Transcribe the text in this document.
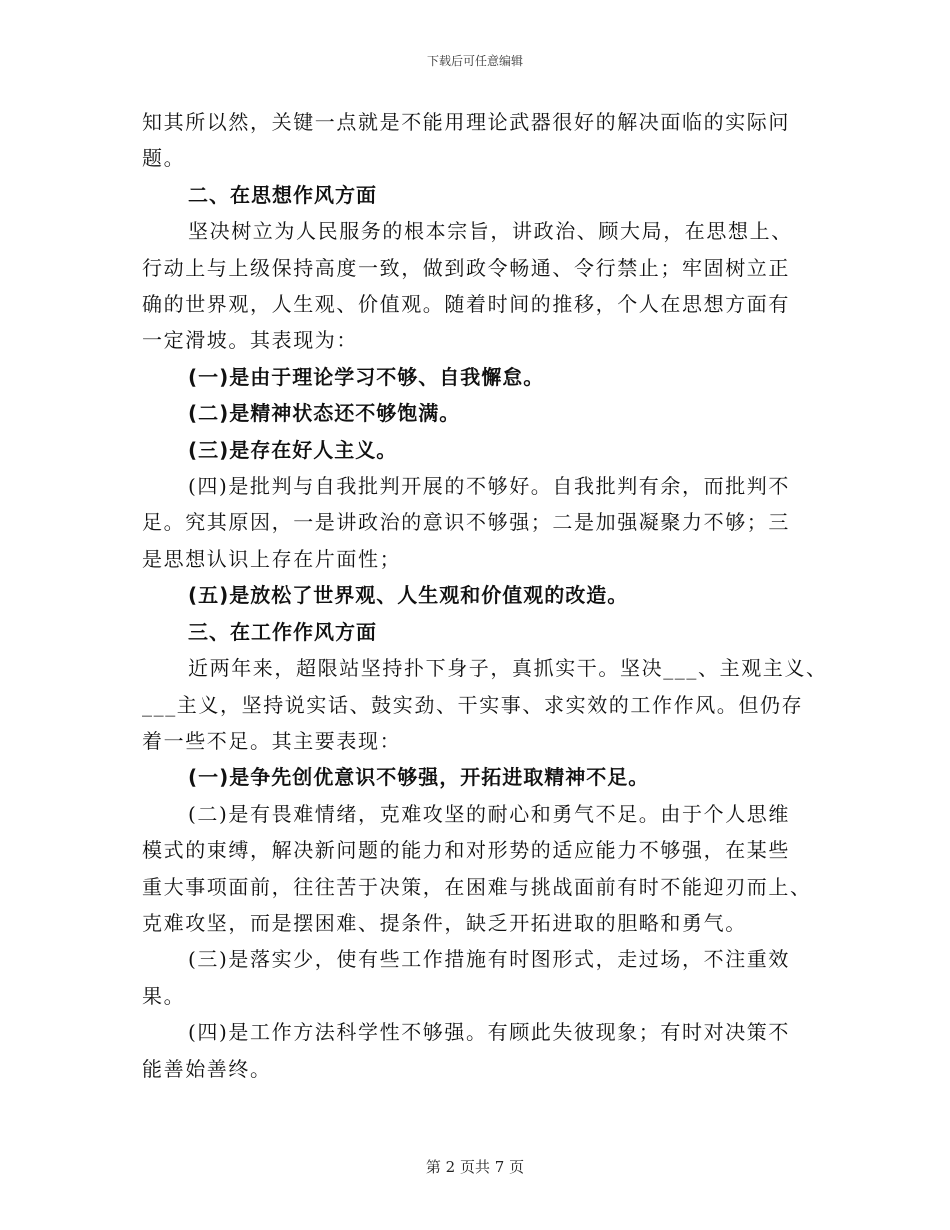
下载后可任意编辑

知其所以然，关键一点就是不能用理论武器很好的解决面临的实际问

题。

二、在思想作风方面

坚决树立为人民服务的根本宗旨，讲政治、顾大局，在思想上、

行动上与上级保持高度一致，做到政令畅通、令行禁止；牢固树立正

确的世界观，人生观、价值观。随着时间的推移，个人在思想方面有

一定滑坡。其表现为：

(一)是由于理论学习不够、自我懈怠。

(二)是精神状态还不够饱满。

(三)是存在好人主义。

(四)是批判与自我批判开展的不够好。自我批判有余，而批判不

足。究其原因，一是讲政治的意识不够强；二是加强凝聚力不够；三

是思想认识上存在片面性；

(五)是放松了世界观、人生观和价值观的改造。

三、在工作作风方面

近两年来，超限站坚持扑下身子，真抓实干。坚决___、主观主义、

___主义，坚持说实话、鼓实劲、干实事、求实效的工作作风。但仍存

着一些不足。其主要表现：

(一)是争先创优意识不够强，开拓进取精神不足。

(二)是有畏难情绪，克难攻坚的耐心和勇气不足。由于个人思维

模式的束缚，解决新问题的能力和对形势的适应能力不够强，在某些

重大事项面前，往往苦于决策，在困难与挑战面前有时不能迎刃而上、

克难攻坚，而是摆困难、提条件，缺乏开拓进取的胆略和勇气。

(三)是落实少，使有些工作措施有时图形式，走过场，不注重效

果。

(四)是工作方法科学性不够强。有顾此失彼现象；有时对决策不

能善始善终。

第 2 页共 7 页
